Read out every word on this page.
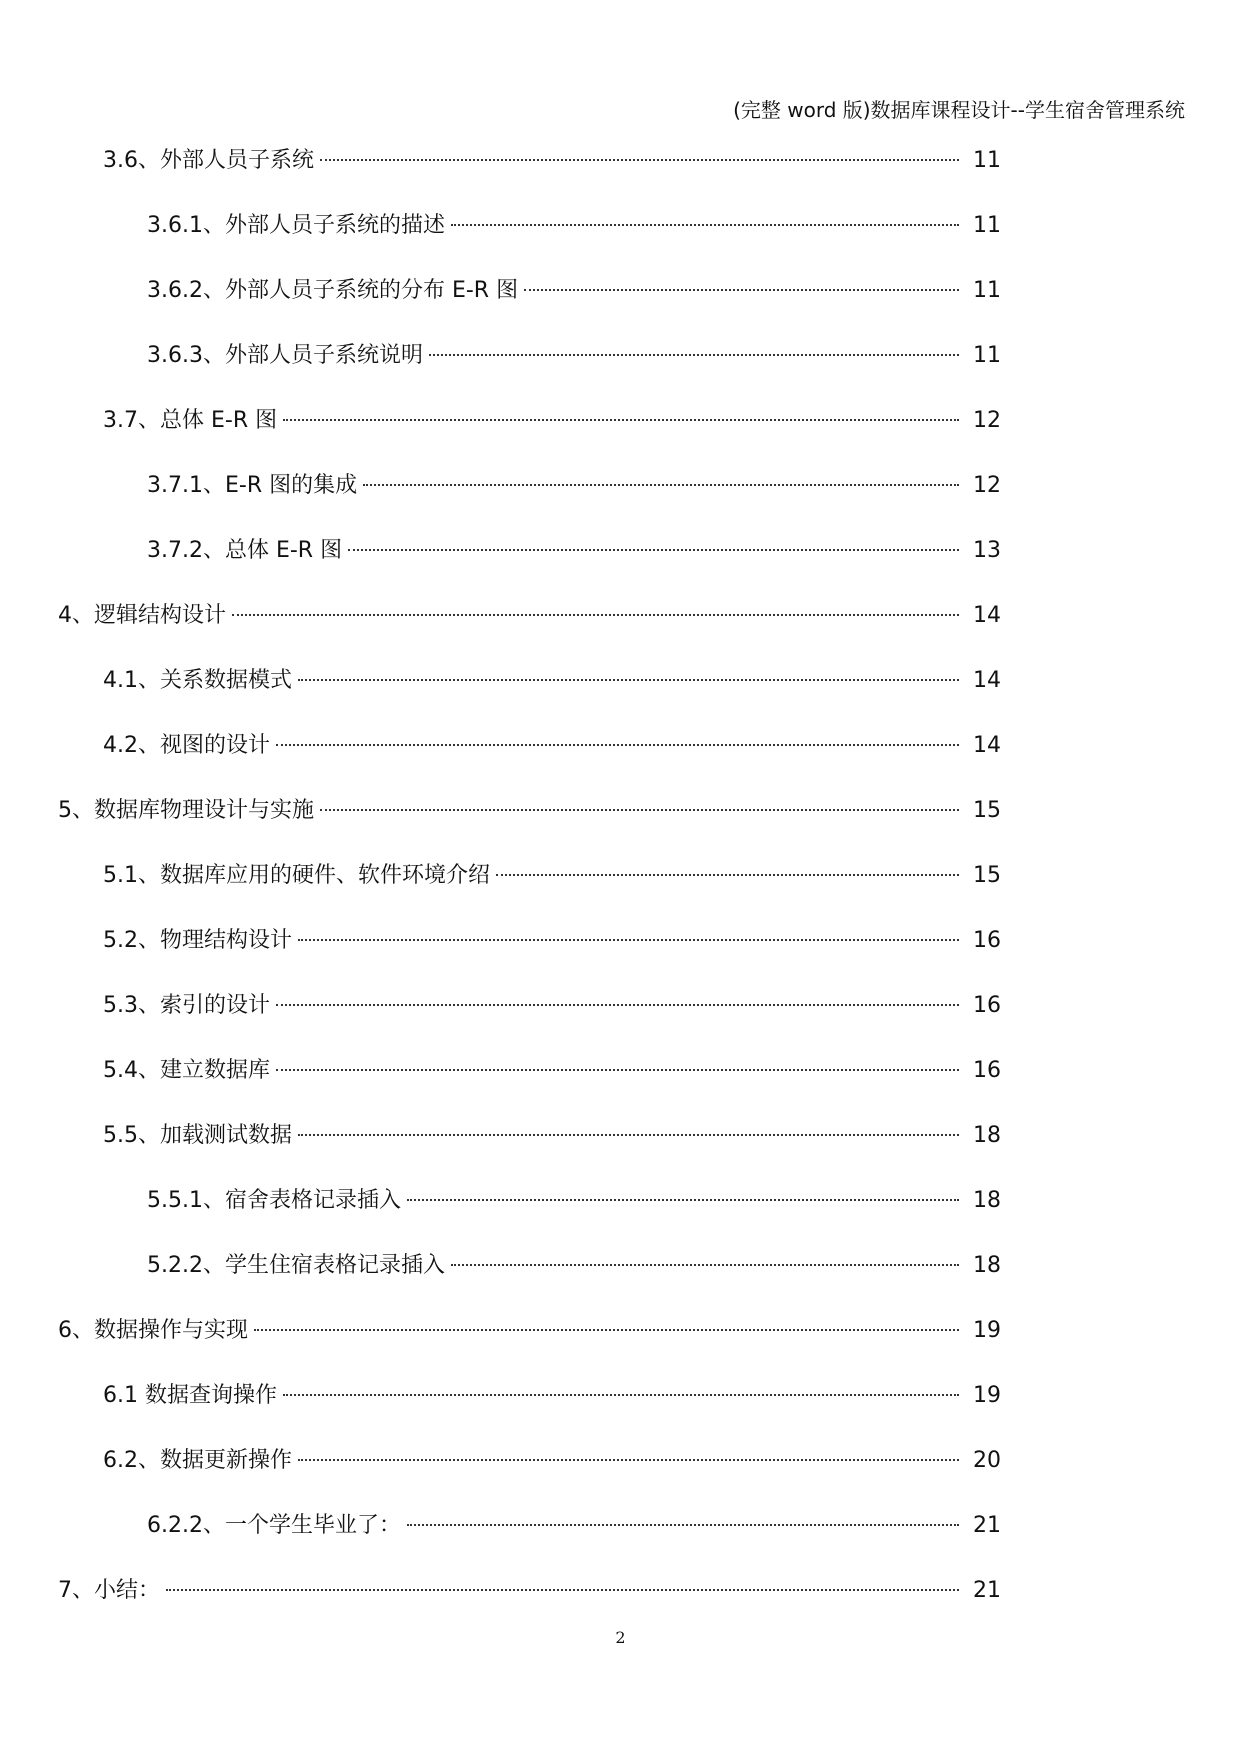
(完整 word 版)数据库课程设计--学生宿舍管理系统
3.6、外部人员子系统	11
3.6.1、外部人员子系统的描述	11
3.6.2、外部人员子系统的分布 E-R 图	11
3.6.3、外部人员子系统说明	11
3.7、总体 E-R 图	12
3.7.1、E-R 图的集成	12
3.7.2、总体 E-R 图	13
4、逻辑结构设计	14
4.1、关系数据模式	14
4.2、视图的设计	14
5、数据库物理设计与实施	15
5.1、数据库应用的硬件、软件环境介绍	15
5.2、物理结构设计	16
5.3、索引的设计	16
5.4、建立数据库	16
5.5、加载测试数据	18
5.5.1、宿舍表格记录插入	18
5.2.2、学生住宿表格记录插入	18
6、数据操作与实现	19
6.1 数据查询操作	19
6.2、数据更新操作	20
6.2.2、一个学生毕业了：	21
7、小结：	21
2
